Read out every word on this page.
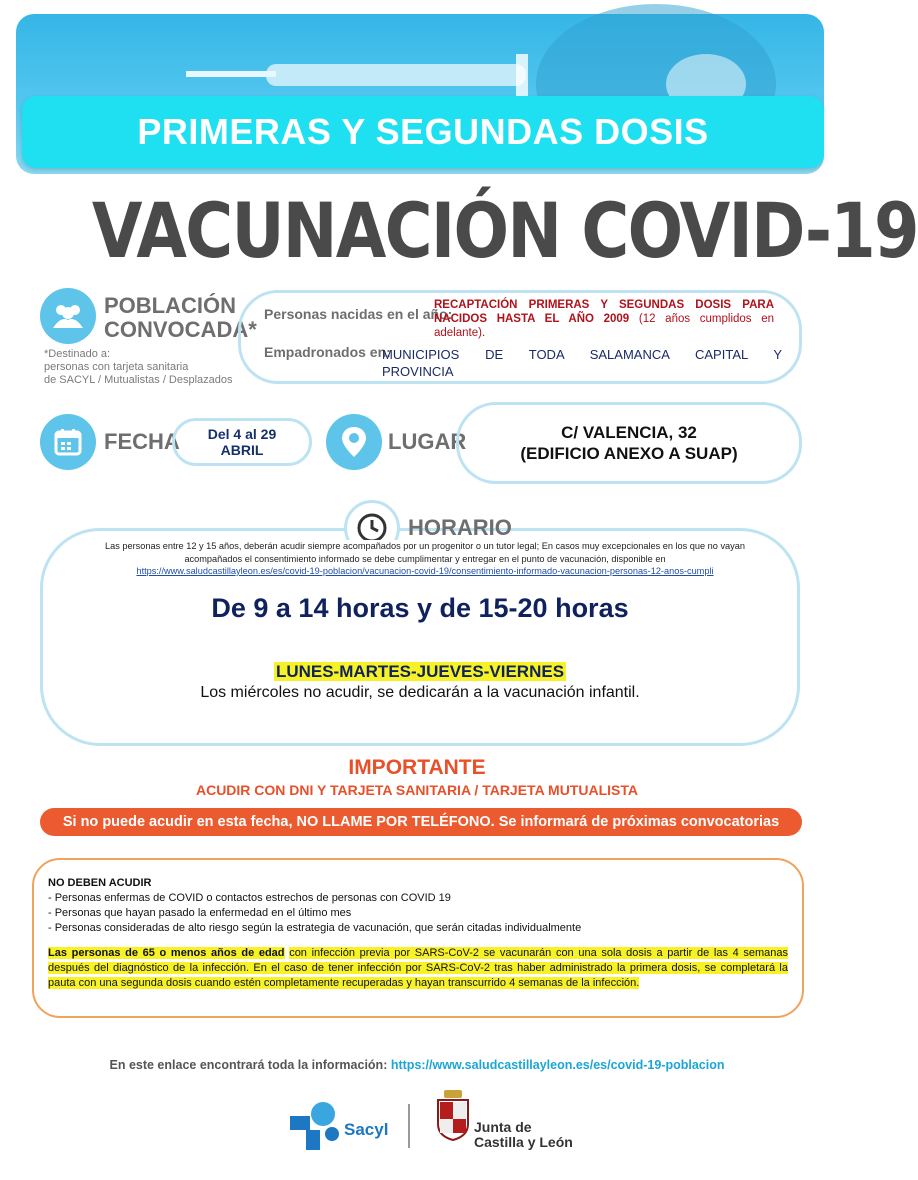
PRIMERAS Y SEGUNDAS DOSIS
VACUNACIÓN COVID-19
POBLACIÓN
CONVOCADA*
*Destinado a:
personas con tarjeta sanitaria
de SACYL / Mutualistas / Desplazados
Personas nacidas en el año:
RECAPTACIÓN PRIMERAS Y SEGUNDAS DOSIS PARA NACIDOS HASTA EL AÑO 2009 (12 años cumplidos en adelante).
Empadronados en:
MUNICIPIOS DE TODA SALAMANCA CAPITAL Y
PROVINCIA
FECHA Del 4 al 29
ABRIL	LUGAR	C/ VALENCIA, 32
(EDIFICIO ANEXO A SUAP)
HORARIO
Las personas entre 12 y 15 años, deberán acudir siempre acompañados por un progenitor o un tutor legal; En casos muy excepcionales en los que no vayan acompañados el consentimiento informado se debe cumplimentar y entregar en el punto de vacunación, disponible en
https://www.saludcastillayleon.es/es/covid-19-poblacion/vacunacion-covid-19/consentimiento-informado-vacunacion-personas-12-anos-cumpli
De 9 a 14 horas y de 15-20 horas
LUNES-MARTES-JUEVES-VIERNES
Los miércoles no acudir, se dedicarán a la vacunación infantil.
IMPORTANTE
ACUDIR CON DNI Y TARJETA SANITARIA / TARJETA MUTUALISTA
Si no puede acudir en esta fecha, NO LLAME POR TELÉFONO. Se informará de próximas convocatorias
NO DEBEN ACUDIR
- Personas enfermas de COVID o contactos estrechos de personas con COVID 19
- Personas que hayan pasado la enfermedad en el último mes
- Personas consideradas de alto riesgo según la estrategia de vacunación, que serán citadas individualmente
Las personas de 65 o menos años de edad con infección previa por SARS-CoV-2 se vacunarán con una sola dosis a partir de las 4 semanas después del diagnóstico de la infección. En el caso de tener infección por SARS-CoV-2 tras haber administrado la primera dosis, se completará la pauta con una segunda dosis cuando estén completamente recuperadas y hayan transcurrido 4 semanas de la infección.
En este enlace encontrará toda la información: https://www.saludcastillayleon.es/es/covid-19-poblacion
Sacyl	Junta de
Castilla y León
